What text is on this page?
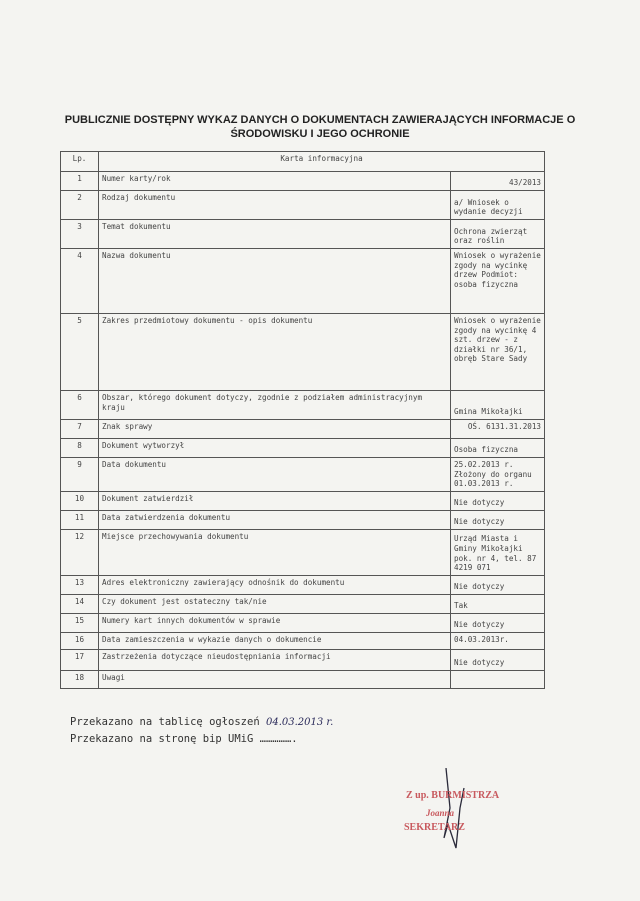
PUBLICZNIE DOSTĘPNY WYKAZ DANYCH O DOKUMENTACH ZAWIERAJĄCYCH INFORMACJE O ŚRODOWISKU I JEGO OCHRONIE
Lp.	Karta informacyjna	
1	Numer karty/rok	43/2013
2	Rodzaj dokumentu	a/ Wniosek o wydanie decyzji
3	Temat dokumentu	Ochrona zwierząt oraz roślin
4	Nazwa dokumentu	Wniosek o wyrażenie zgody na wycinkę drzew Podmiot: osoba fizyczna
5	Zakres przedmiotowy dokumentu - opis dokumentu	Wniosek o wyrażenie zgody na wycinkę 4 szt. drzew - z działki nr 36/1, obręb Stare Sady
6	Obszar, którego dokument dotyczy, zgodnie z podziałem administracyjnym kraju	Gmina Mikołajki
7	Znak sprawy	OŚ. 6131.31.2013
8	Dokument wytworzył	Osoba fizyczna
9	Data dokumentu	25.02.2013 r. Złożony do organu 01.03.2013 r.
10	Dokument zatwierdził	Nie dotyczy
11	Data zatwierdzenia dokumentu	Nie dotyczy
12	Miejsce przechowywania dokumentu	Urząd Miasta i Gminy Mikołajki pok. nr 4, tel. 87 4219 071
13	Adres elektroniczny zawierający odnośnik do dokumentu	Nie dotyczy
14	Czy dokument jest ostateczny tak/nie	Tak
15	Numery kart innych dokumentów w sprawie	Nie dotyczy
16	Data zamieszczenia w wykazie danych o dokumencie	04.03.2013r.
17	Zastrzeżenia dotyczące nieudostępniania informacji	Nie dotyczy
18	Uwagi	
Przekazano na tablicę ogłoszeń 04.03.2013 r.
Przekazano na stronę bip UMiG …………….
Z up. BURMISTRZA
Joanna
SEKRETARZ
